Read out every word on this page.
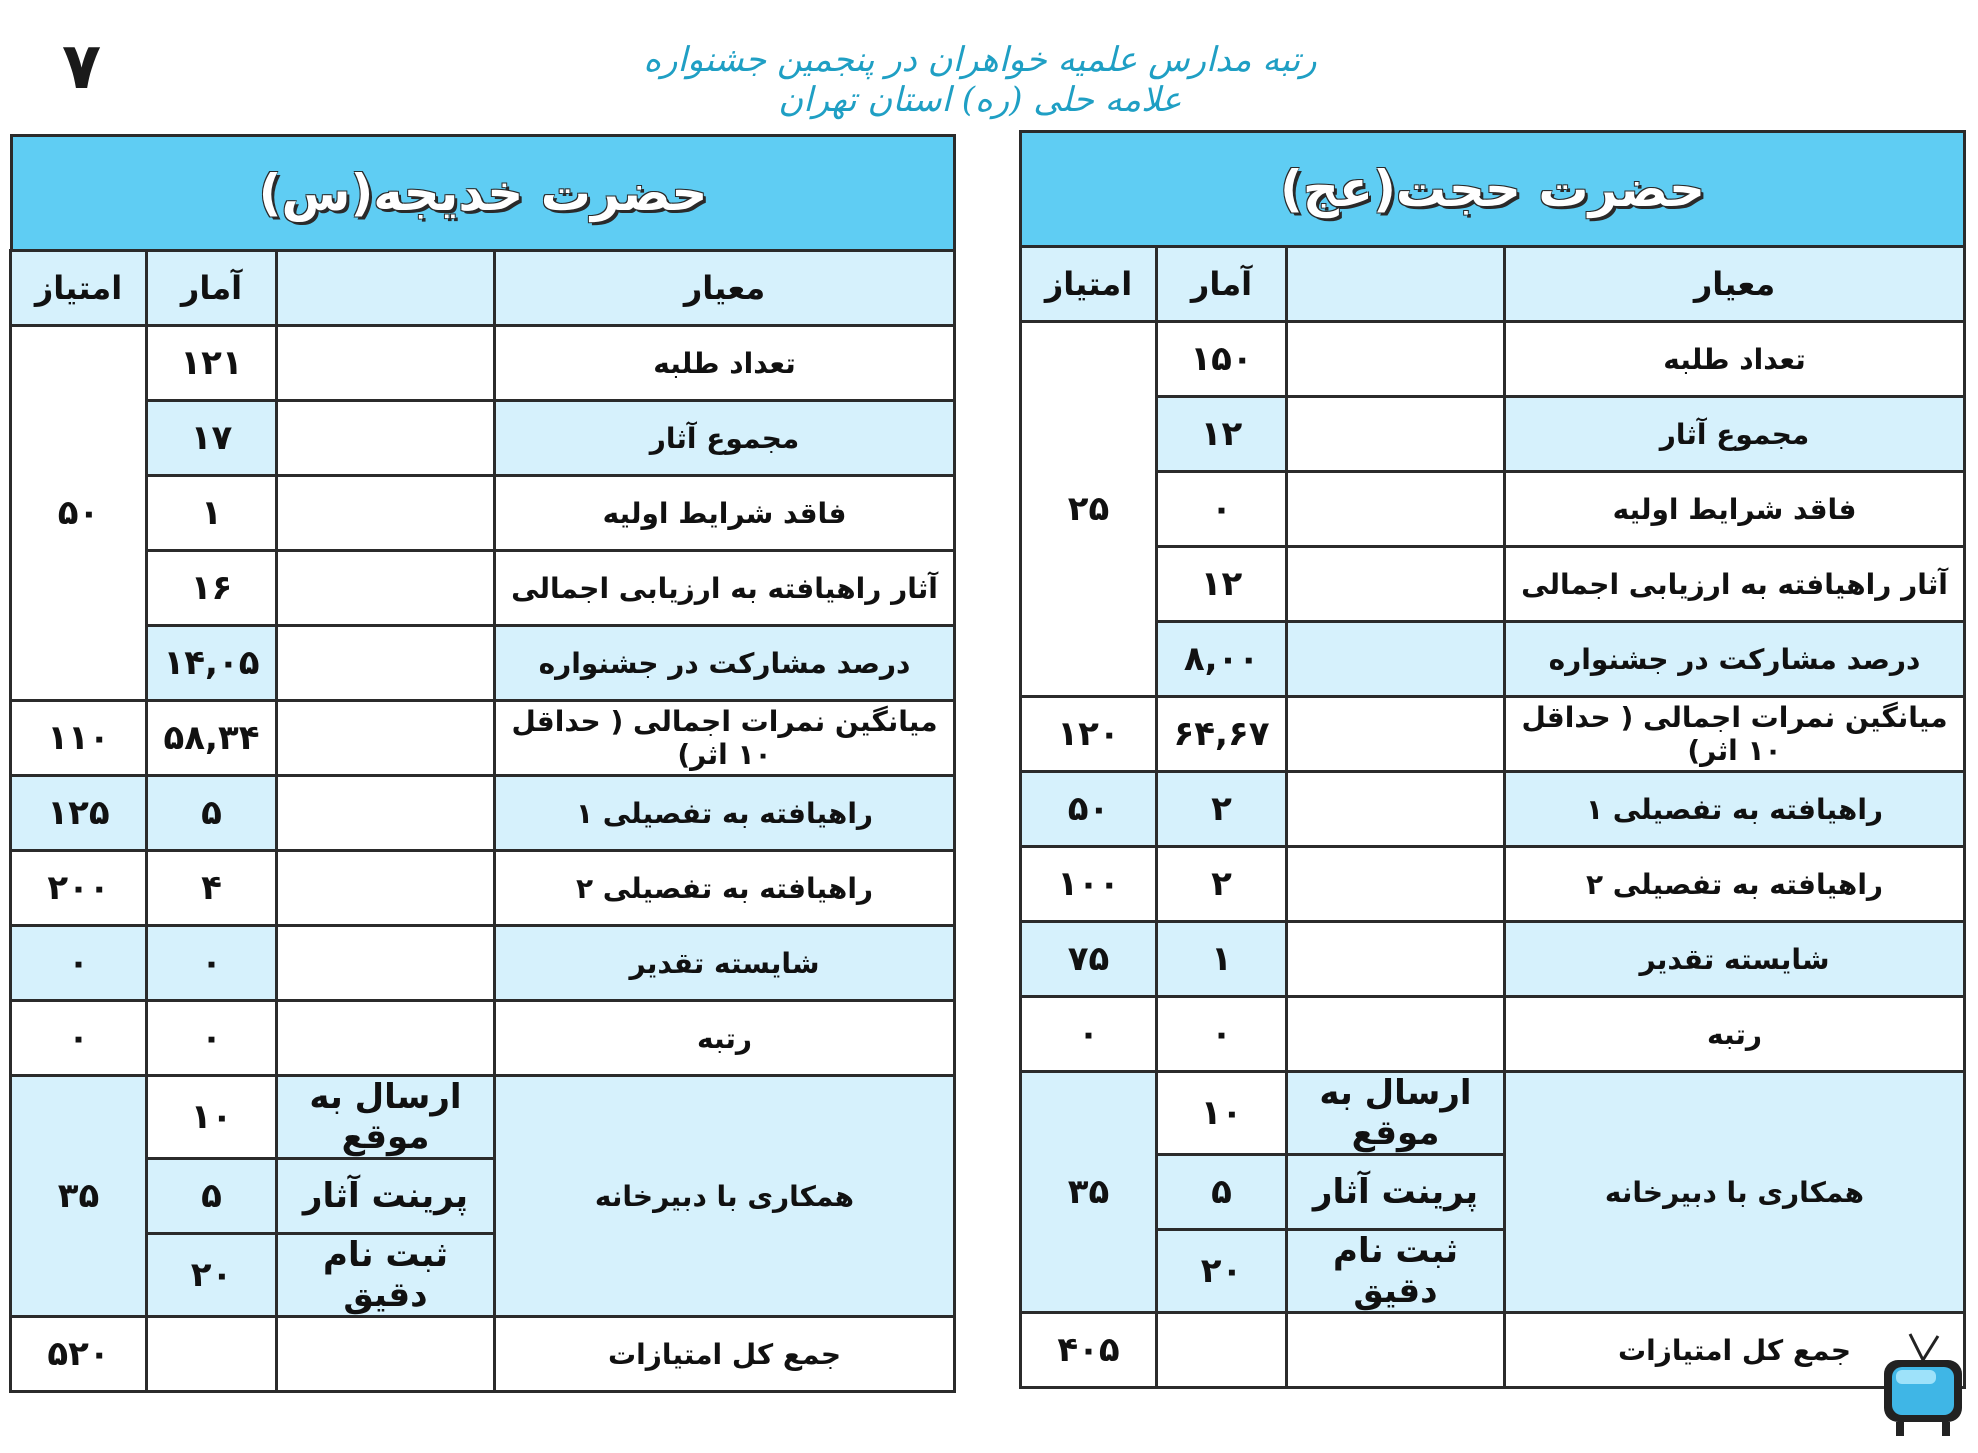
۷	رتبه مدارس علمیه خواهران در پنجمین جشنواره علامه حلی (ره) استان تهران
حضرت حجت(عج)
معیار		آمار	امتیاز
تعداد طلبه		۱۵۰	۲۵
مجموع آثار		۱۲	
فاقد شرایط اولیه		۰	
آثار راهیافته به ارزیابی اجمالی		۱۲	
درصد مشارکت در جشنواره		۸,۰۰	
میانگین نمرات اجمالی ( حداقل ۱۰ اثر)		۶۴,۶۷	۱۲۰
راهیافته به تفصیلی ۱		۲	۵۰
راهیافته به تفصیلی ۲		۲	۱۰۰
شایسته تقدیر		۱	۷۵
رتبه		۰	۰
همکاری با دبیرخانه	ارسال به موقع	۱۰	۳۵
	پرینت آثار	۵	
	ثبت نام دقیق	۲۰	
جمع کل امتیازات			۴۰۵
حضرت خدیجه(س)
معیار		آمار	امتیاز
تعداد طلبه		۱۲۱	۵۰
مجموع آثار		۱۷	
فاقد شرایط اولیه		۱	
آثار راهیافته به ارزیابی اجمالی		۱۶	
درصد مشارکت در جشنواره		۱۴,۰۵	
میانگین نمرات اجمالی ( حداقل ۱۰ اثر)		۵۸,۳۴	۱۱۰
راهیافته به تفصیلی ۱		۵	۱۲۵
راهیافته به تفصیلی ۲		۴	۲۰۰
شایسته تقدیر		۰	۰
رتبه		۰	۰
همکاری با دبیرخانه	ارسال به موقع	۱۰	۳۵
	پرینت آثار	۵	
	ثبت نام دقیق	۲۰	
جمع کل امتیازات			۵۲۰
